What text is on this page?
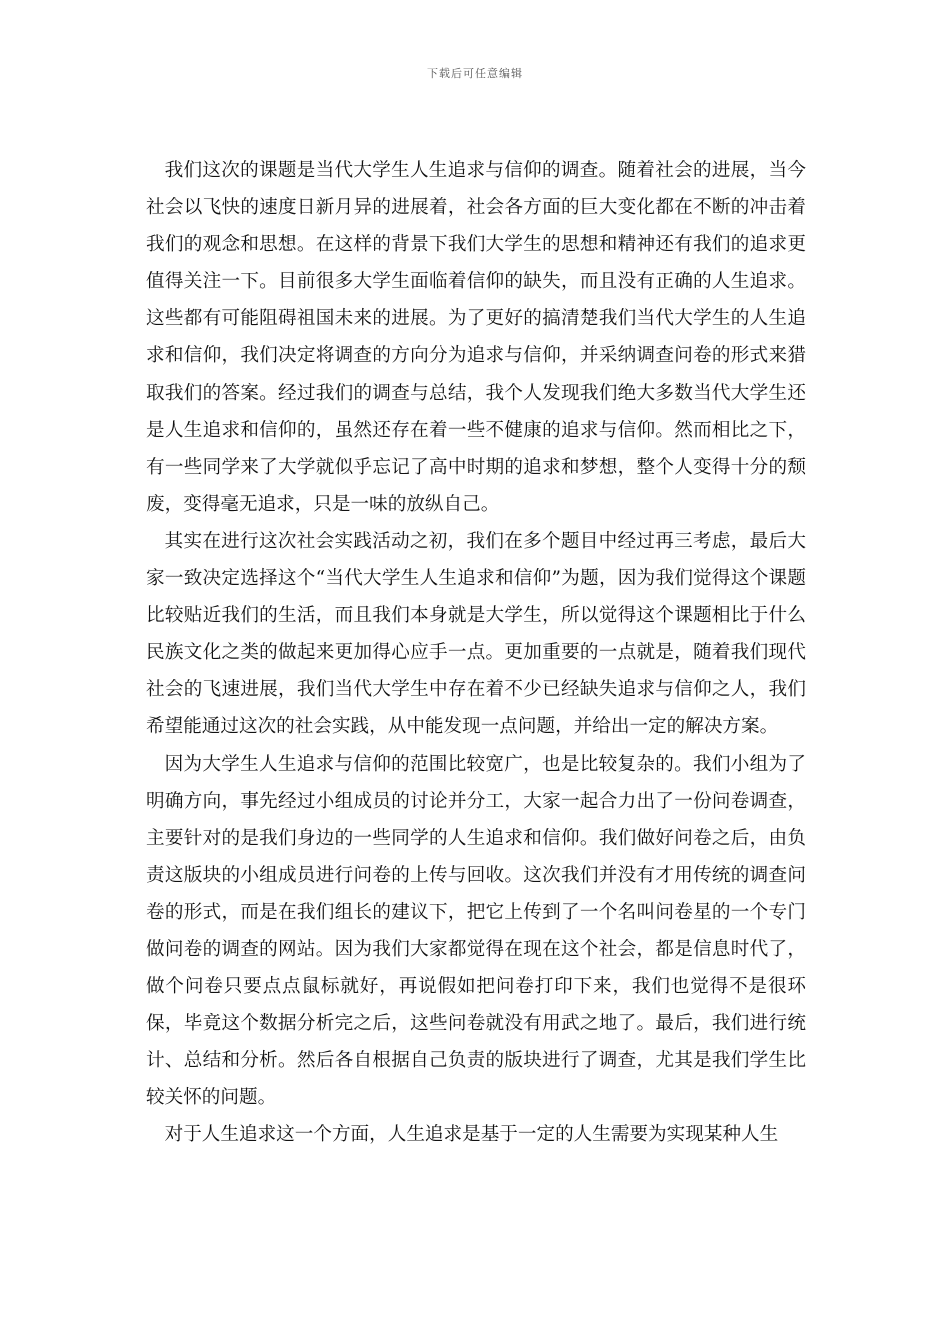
下载后可任意编辑

我们这次的课题是当代大学生人生追求与信仰的调查。随着社会的进展，当今社会以飞快的速度日新月异的进展着，社会各方面的巨大变化都在不断的冲击着我们的观念和思想。在这样的背景下我们大学生的思想和精神还有我们的追求更值得关注一下。目前很多大学生面临着信仰的缺失，而且没有正确的人生追求。这些都有可能阻碍祖国未来的进展。为了更好的搞清楚我们当代大学生的人生追求和信仰，我们决定将调查的方向分为追求与信仰，并采纳调查问卷的形式来猎取我们的答案。经过我们的调查与总结，我个人发现我们绝大多数当代大学生还是人生追求和信仰的，虽然还存在着一些不健康的追求与信仰。然而相比之下，有一些同学来了大学就似乎忘记了高中时期的追求和梦想，整个人变得十分的颓废，变得毫无追求，只是一味的放纵自己。

其实在进行这次社会实践活动之初，我们在多个题目中经过再三考虑，最后大家一致决定选择这个“当代大学生人生追求和信仰”为题，因为我们觉得这个课题比较贴近我们的生活，而且我们本身就是大学生，所以觉得这个课题相比于什么民族文化之类的做起来更加得心应手一点。更加重要的一点就是，随着我们现代社会的飞速进展，我们当代大学生中存在着不少已经缺失追求与信仰之人，我们希望能通过这次的社会实践，从中能发现一点问题，并给出一定的解决方案。

因为大学生人生追求与信仰的范围比较宽广，也是比较复杂的。我们小组为了明确方向，事先经过小组成员的讨论并分工，大家一起合力出了一份问卷调查，主要针对的是我们身边的一些同学的人生追求和信仰。我们做好问卷之后，由负责这版块的小组成员进行问卷的上传与回收。这次我们并没有才用传统的调查问卷的形式，而是在我们组长的建议下，把它上传到了一个名叫问卷星的一个专门做问卷的调查的网站。因为我们大家都觉得在现在这个社会，都是信息时代了，做个问卷只要点点鼠标就好，再说假如把问卷打印下来，我们也觉得不是很环保，毕竟这个数据分析完之后，这些问卷就没有用武之地了。最后，我们进行统计、总结和分析。然后各自根据自己负责的版块进行了调查，尤其是我们学生比较关怀的问题。

对于人生追求这一个方面，人生追求是基于一定的人生需要为实现某种人生
